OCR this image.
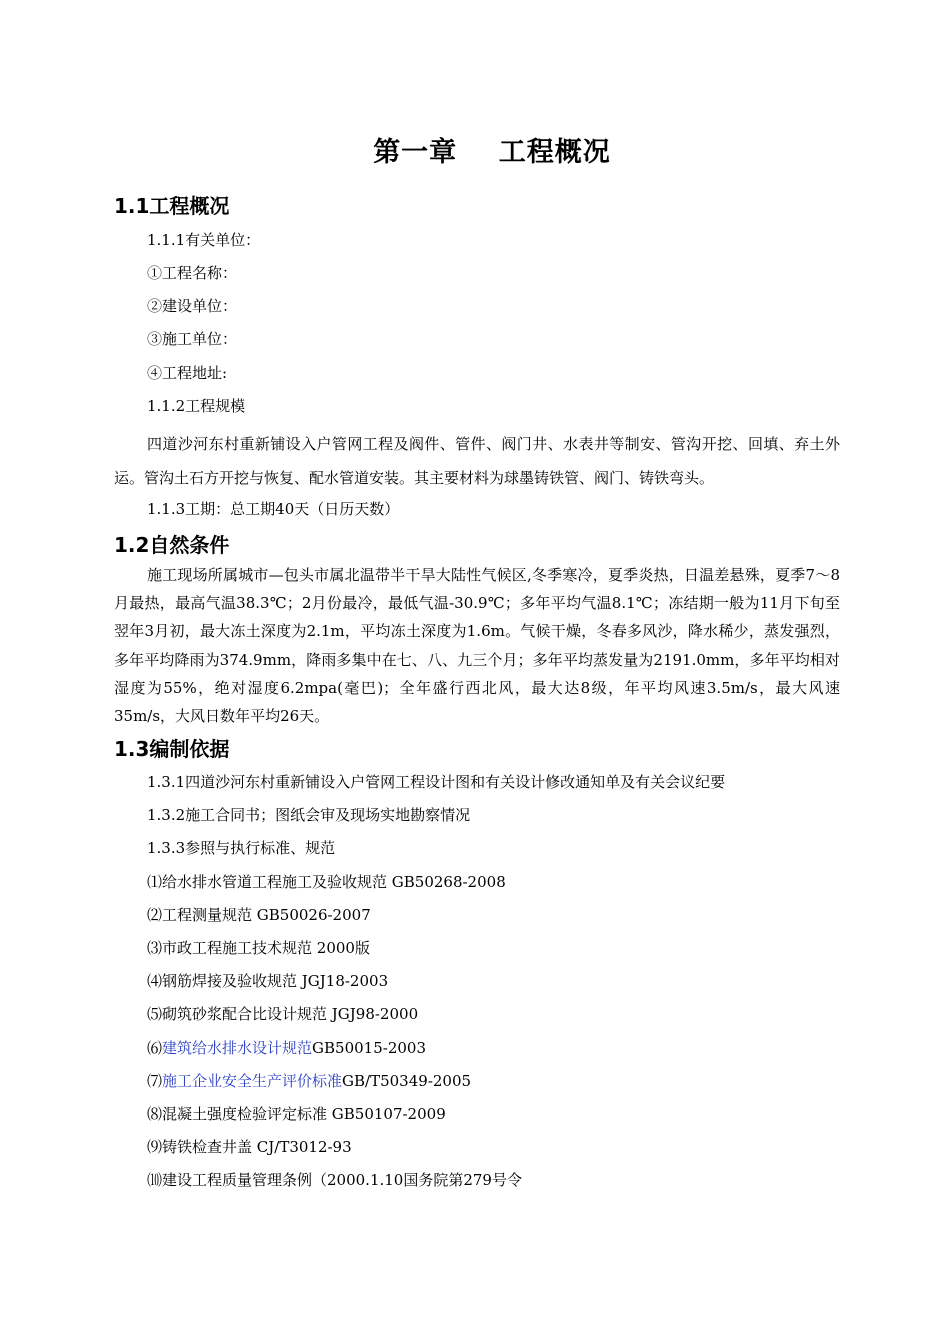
第一章    工程概况
1.1工程概况
1.1.1有关单位：
①工程名称：
②建设单位：
③施工单位：
④工程地址:
1.1.2工程规模
四道沙河东村重新铺设入户管网工程及阀件、管件、阀门井、水表井等制安、管沟开挖、回填、弃土外运。管沟土石方开挖与恢复、配水管道安装。其主要材料为球墨铸铁管、阀门、铸铁弯头。
1.1.3工期：总工期40天（日历天数）
1.2自然条件
施工现场所属城市—包头市属北温带半干旱大陆性气候区,冬季寒冷，夏季炎热，日温差悬殊，夏季7～8月最热，最高气温38.3℃；2月份最冷，最低气温-30.9℃；多年平均气温8.1℃；冻结期一般为11月下旬至翌年3月初，最大冻土深度为2.1m，平均冻土深度为1.6m。气候干燥，冬春多风沙，降水稀少，蒸发强烈，多年平均降雨为374.9mm，降雨多集中在七、八、九三个月；多年平均蒸发量为2191.0mm，多年平均相对湿度为55%，绝对湿度6.2mpa(毫巴)；全年盛行西北风，最大达8级，年平均风速3.5m/s，最大风速35m/s，大风日数年平均26天。
1.3编制依据
1.3.1四道沙河东村重新铺设入户管网工程设计图和有关设计修改通知单及有关会议纪要
1.3.2施工合同书；图纸会审及现场实地勘察情况
1.3.3参照与执行标准、规范
⑴给水排水管道工程施工及验收规范 GB50268-2008
⑵工程测量规范 GB50026-2007
⑶市政工程施工技术规范 2000版
⑷钢筋焊接及验收规范 JGJ18-2003
⑸砌筑砂浆配合比设计规范 JGJ98-2000
⑹建筑给水排水设计规范GB50015-2003
⑺施工企业安全生产评价标准GB/T50349-2005
⑻混凝土强度检验评定标准 GB50107-2009
⑼铸铁检查井盖 CJ/T3012-93
⑽建设工程质量管理条例（2000.1.10国务院第279号令
